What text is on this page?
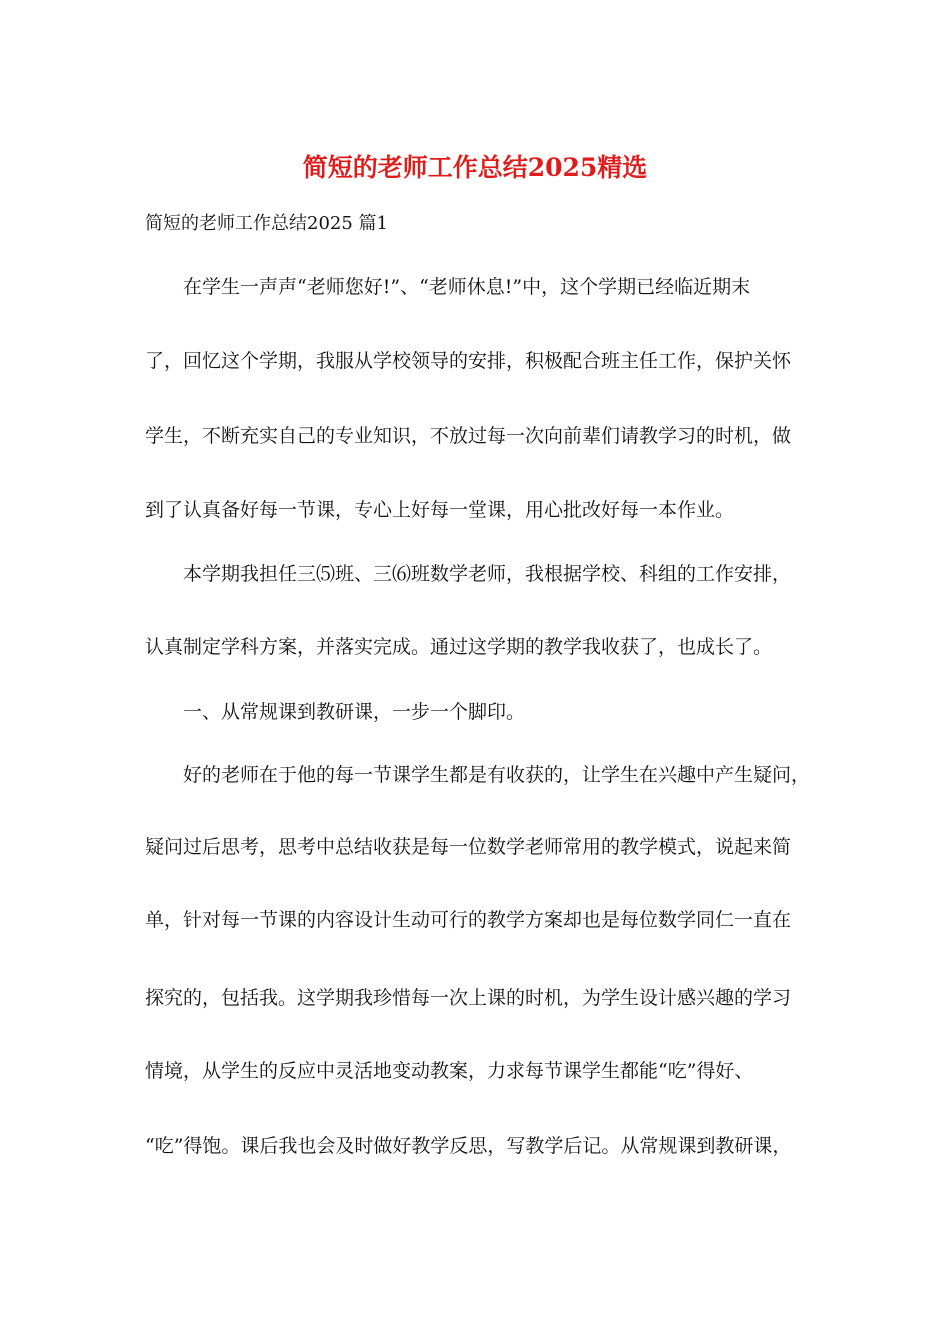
简短的老师工作总结2025精选

简短的老师工作总结2025 篇1

在学生一声声“老师您好!”、“老师休息!”中，这个学期已经临近期末

了，回忆这个学期，我服从学校领导的安排，积极配合班主任工作，保护关怀

学生，不断充实自己的专业知识，不放过每一次向前辈们请教学习的时机，做

到了认真备好每一节课，专心上好每一堂课，用心批改好每一本作业。

本学期我担任三⑸班、三⑹班数学老师，我根据学校、科组的工作安排，

认真制定学科方案，并落实完成。通过这学期的教学我收获了，也成长了。

一、从常规课到教研课，一步一个脚印。

好的老师在于他的每一节课学生都是有收获的，让学生在兴趣中产生疑问，

疑问过后思考，思考中总结收获是每一位数学老师常用的教学模式，说起来简

单，针对每一节课的内容设计生动可行的教学方案却也是每位数学同仁一直在

探究的，包括我。这学期我珍惜每一次上课的时机，为学生设计感兴趣的学习

情境，从学生的反应中灵活地变动教案，力求每节课学生都能“吃”得好、

“吃”得饱。课后我也会及时做好教学反思，写教学后记。从常规课到教研课，
